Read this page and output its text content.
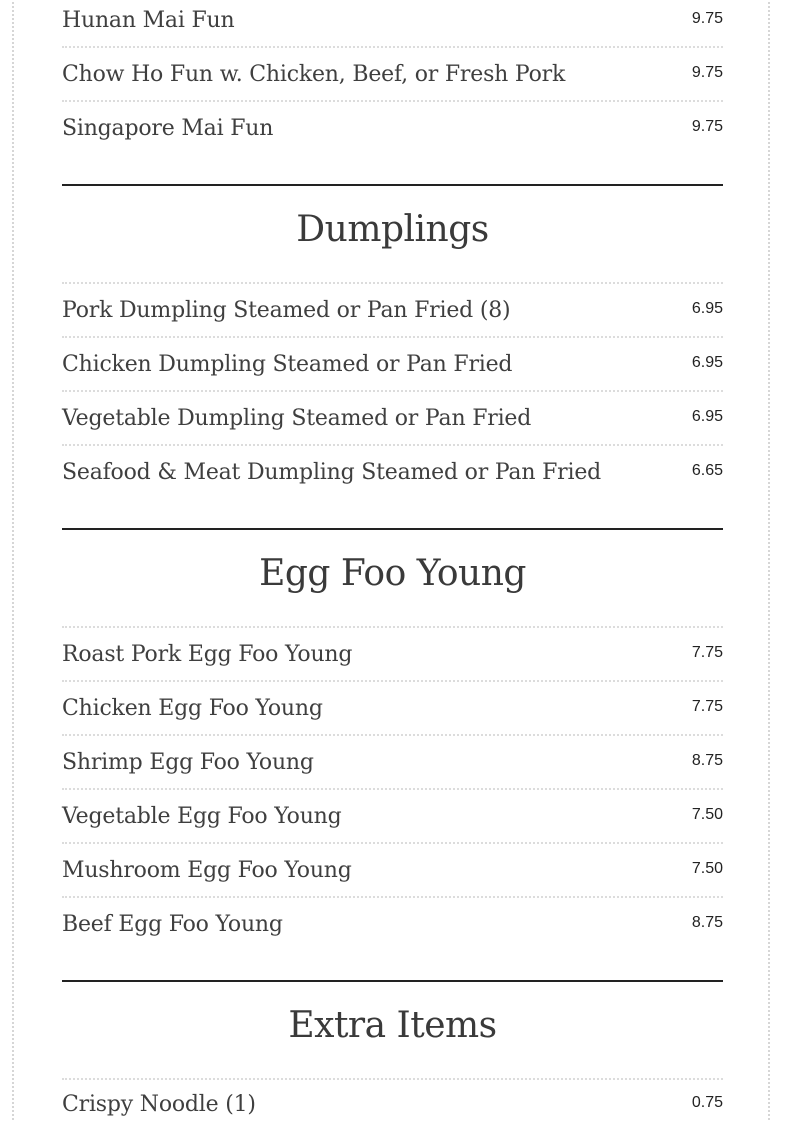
Hunan Mai Fun	9.75
Chow Ho Fun w. Chicken, Beef, or Fresh Pork	9.75
Singapore Mai Fun	9.75
Dumplings
Pork Dumpling Steamed or Pan Fried (8)	6.95
Chicken Dumpling Steamed or Pan Fried	6.95
Vegetable Dumpling Steamed or Pan Fried	6.95
Seafood & Meat Dumpling Steamed or Pan Fried	6.65
Egg Foo Young
Roast Pork Egg Foo Young	7.75
Chicken Egg Foo Young	7.75
Shrimp Egg Foo Young	8.75
Vegetable Egg Foo Young	7.50
Mushroom Egg Foo Young	7.50
Beef Egg Foo Young	8.75
Extra Items
Crispy Noodle (1)	0.75
